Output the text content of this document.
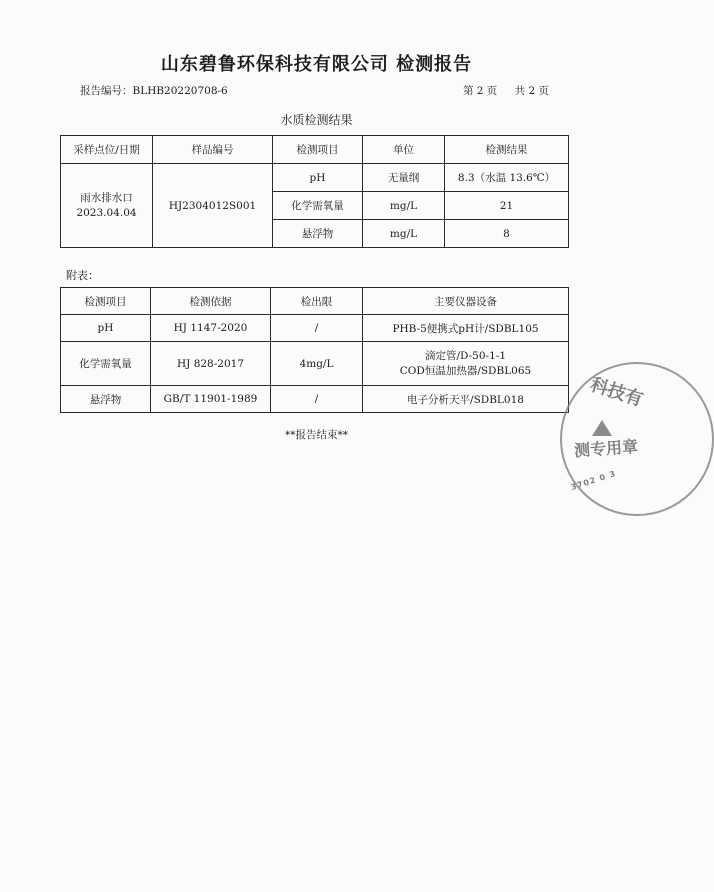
山东碧鲁环保科技有限公司 检测报告
报告编号：BLHB20220708-6	第 2 页 共 2 页
水质检测结果
采样点位/日期	样品编号	检测项目	单位	检测结果

雨水排水口
2023.04.04	HJ2304012S001	pH	无量纲	8.3（水温 13.6℃）
		化学需氧量	mg/L	21
		悬浮物	mg/L	8
附表：
检测项目	检测依据	检出限	主要仪器设备
pH	HJ 1147-2020	/	PHB-5便携式pH计/SDBL105
化学需氧量	HJ 828-2017	4mg/L	滴定管/D-50-1-1
COD恒温加热器/SDBL065

悬浮物	GB/T 11901-1989	/	电子分析天平/SDBL018
**报告结束**
科技有
测专用章
3702 0 3
